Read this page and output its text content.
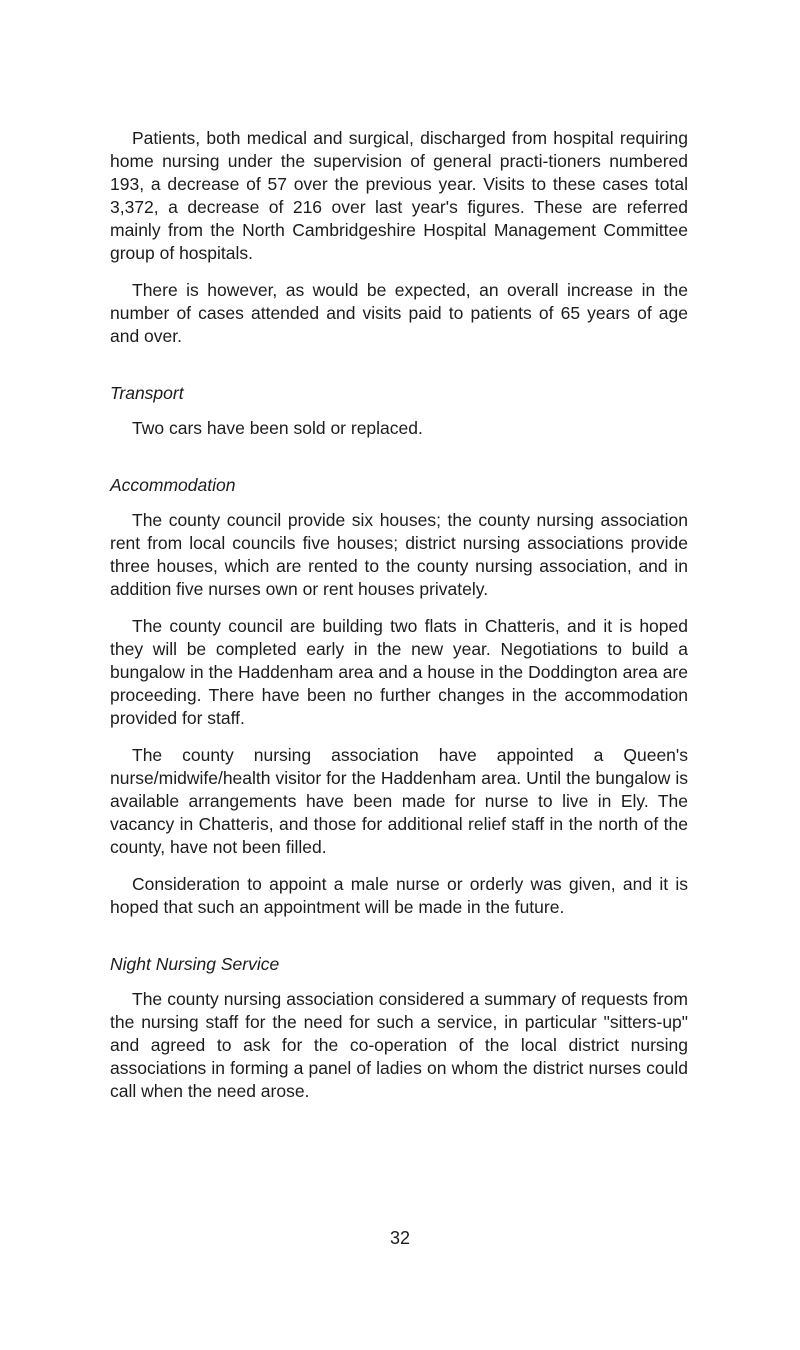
Patients, both medical and surgical, discharged from hospital requiring home nursing under the supervision of general practi-tioners numbered 193, a decrease of 57 over the previous year. Visits to these cases total 3,372, a decrease of 216 over last year's figures. These are referred mainly from the North Cambridgeshire Hospital Management Committee group of hospitals.

There is however, as would be expected, an overall increase in the number of cases attended and visits paid to patients of 65 years of age and over.

Transport

Two cars have been sold or replaced.

Accommodation

The county council provide six houses; the county nursing association rent from local councils five houses; district nursing associations provide three houses, which are rented to the county nursing association, and in addition five nurses own or rent houses privately.

The county council are building two flats in Chatteris, and it is hoped they will be completed early in the new year. Negotiations to build a bungalow in the Haddenham area and a house in the Doddington area are proceeding. There have been no further changes in the accommodation provided for staff.

The county nursing association have appointed a Queen's nurse/midwife/health visitor for the Haddenham area. Until the bungalow is available arrangements have been made for nurse to live in Ely. The vacancy in Chatteris, and those for additional relief staff in the north of the county, have not been filled.

Consideration to appoint a male nurse or orderly was given, and it is hoped that such an appointment will be made in the future.

Night Nursing Service

The county nursing association considered a summary of requests from the nursing staff for the need for such a service, in particular "sitters-up" and agreed to ask for the co-operation of the local district nursing associations in forming a panel of ladies on whom the district nurses could call when the need arose.

32
